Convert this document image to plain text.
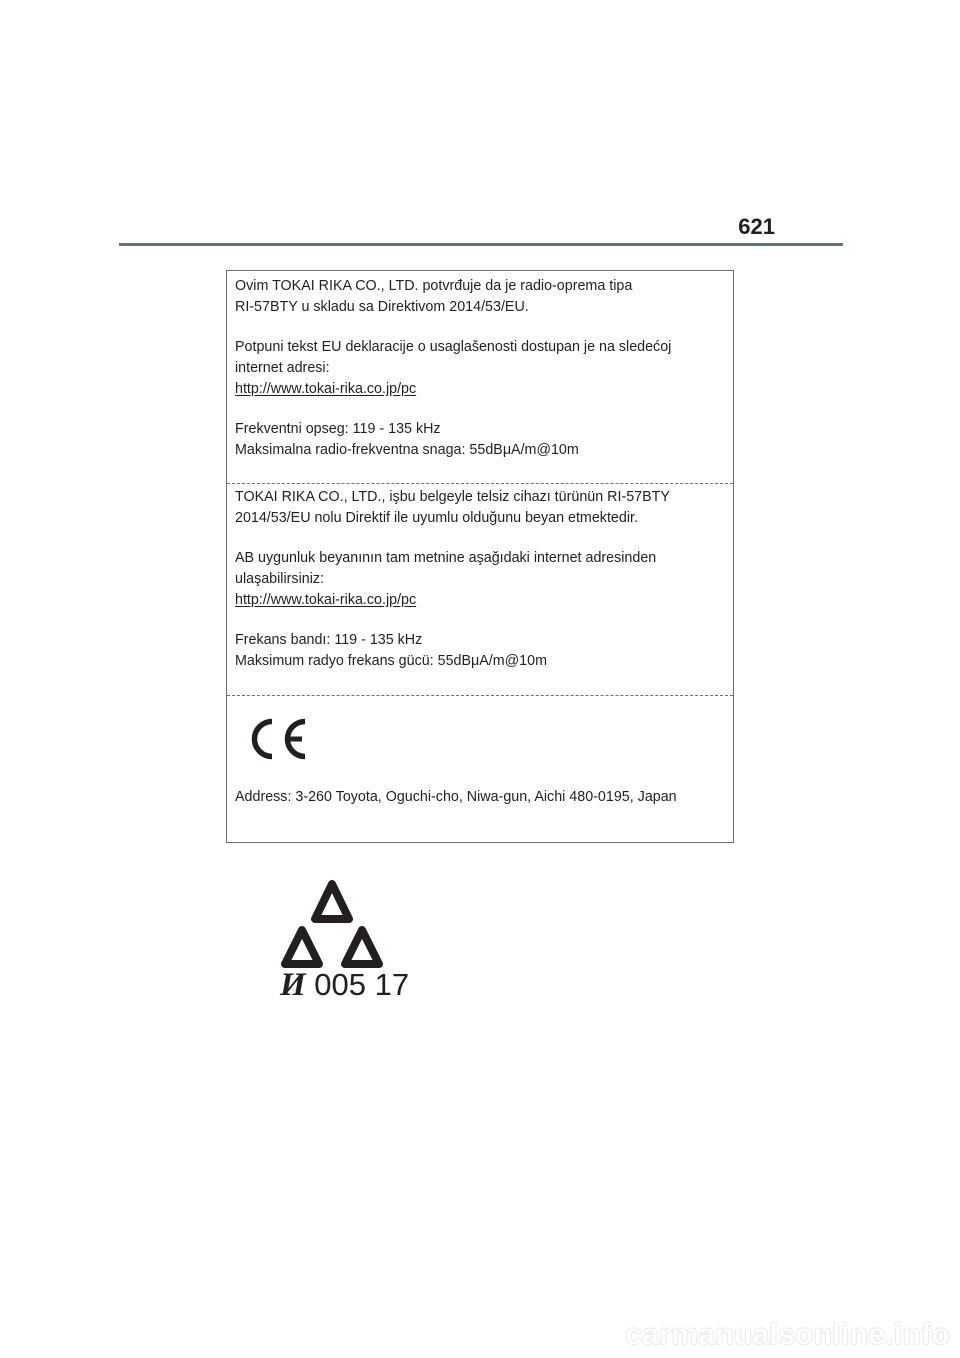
621
Ovim TOKAI RIKA CO., LTD. potvrđuje da je radio-oprema tipa
RI-57BTY u skladu sa Direktivom 2014/53/EU.
Potpuni tekst EU deklaracije o usaglašenosti dostupan je na sledećoj
internet adresi:
http://www.tokai-rika.co.jp/pc
Frekventni opseg: 119 - 135 kHz
Maksimalna radio-frekventna snaga: 55dBμA/m@10m
TOKAI RIKA CO., LTD., işbu belgeyle telsiz cihazı türünün RI-57BTY
2014/53/EU nolu Direktif ile uyumlu olduğunu beyan etmektedir.
AB uygunluk beyanının tam metnine aşağıdaki internet adresinden
ulaşabilirsiniz:
http://www.tokai-rika.co.jp/pc
Frekans bandı: 119 - 135 kHz
Maksimum radyo frekans gücü: 55dBμA/m@10m
Address: 3-260 Toyota, Oguchi-cho, Niwa-gun, Aichi 480-0195, Japan
И 005 17
carmanualsonline.info
